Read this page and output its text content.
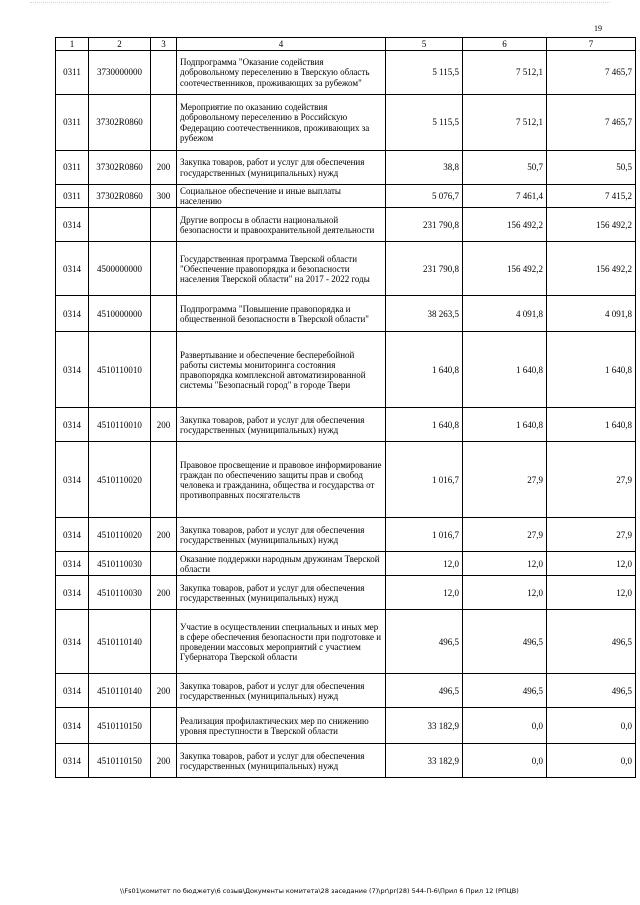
19
1	2	3	4	5	6	7
0311	3730000000		Подпрограмма "Оказание содействия добровольному переселению в Тверскую область соотечественников, проживающих за рубежом"	5 115,5	7 512,1	7 465,7
0311	37302R0860		Мероприятие по оказанию содействия добровольному переселению в Российскую Федерацию соотечественников, проживающих за рубежом	5 115,5	7 512,1	7 465,7
0311	37302R0860	200	Закупка товаров, работ и услуг для обеспечения государственных (муниципальных) нужд	38,8	50,7	50,5
0311	37302R0860	300	Социальное обеспечение и иные выплаты населению	5 076,7	7 461,4	7 415,2
0314			Другие вопросы в области национальной безопасности и правоохранительной деятельности	231 790,8	156 492,2	156 492,2
0314	4500000000		Государственная программа Тверской области "Обеспечение правопорядка и безопасности населения Тверской области" на 2017 - 2022 годы	231 790,8	156 492,2	156 492,2
0314	4510000000		Подпрограмма "Повышение правопорядка и общественной безопасности в Тверской области"	38 263,5	4 091,8	4 091,8
0314	4510110010		Развертывание и обеспечение бесперебойной работы системы мониторинга состояния правопорядка комплексной автоматизированной системы "Безопасный город" в городе Твери	1 640,8	1 640,8	1 640,8
0314	4510110010	200	Закупка товаров, работ и услуг для обеспечения государственных (муниципальных) нужд	1 640,8	1 640,8	1 640,8
0314	4510110020		Правовое просвещение и правовое информирование граждан по обеспечению защиты прав и свобод человека и гражданина, общества и государства от противоправных посягательств	1 016,7	27,9	27,9
0314	4510110020	200	Закупка товаров, работ и услуг для обеспечения государственных (муниципальных) нужд	1 016,7	27,9	27,9
0314	4510110030		Оказание поддержки народным дружинам Тверской области	12,0	12,0	12,0
0314	4510110030	200	Закупка товаров, работ и услуг для обеспечения государственных (муниципальных) нужд	12,0	12,0	12,0
0314	4510110140		Участие в осуществлении специальных и иных мер в сфере обеспечения безопасности при подготовке и проведении массовых мероприятий с участием Губернатора Тверской области	496,5	496,5	496,5
0314	4510110140	200	Закупка товаров, работ и услуг для обеспечения государственных (муниципальных) нужд	496,5	496,5	496,5
0314	4510110150		Реализация профилактических мер по снижению уровня преступности в Тверской области	33 182,9	0,0	0,0
0314	4510110150	200	Закупка товаров, работ и услуг для обеспечения государственных (муниципальных) нужд	33 182,9	0,0	0,0
\\Fs01\комитет по бюджету\6 созыв\Документы комитета\28 заседание (7)\pr\pr(28) 544-П-6\Прил 6 Прил 12 (РПЦВ)
